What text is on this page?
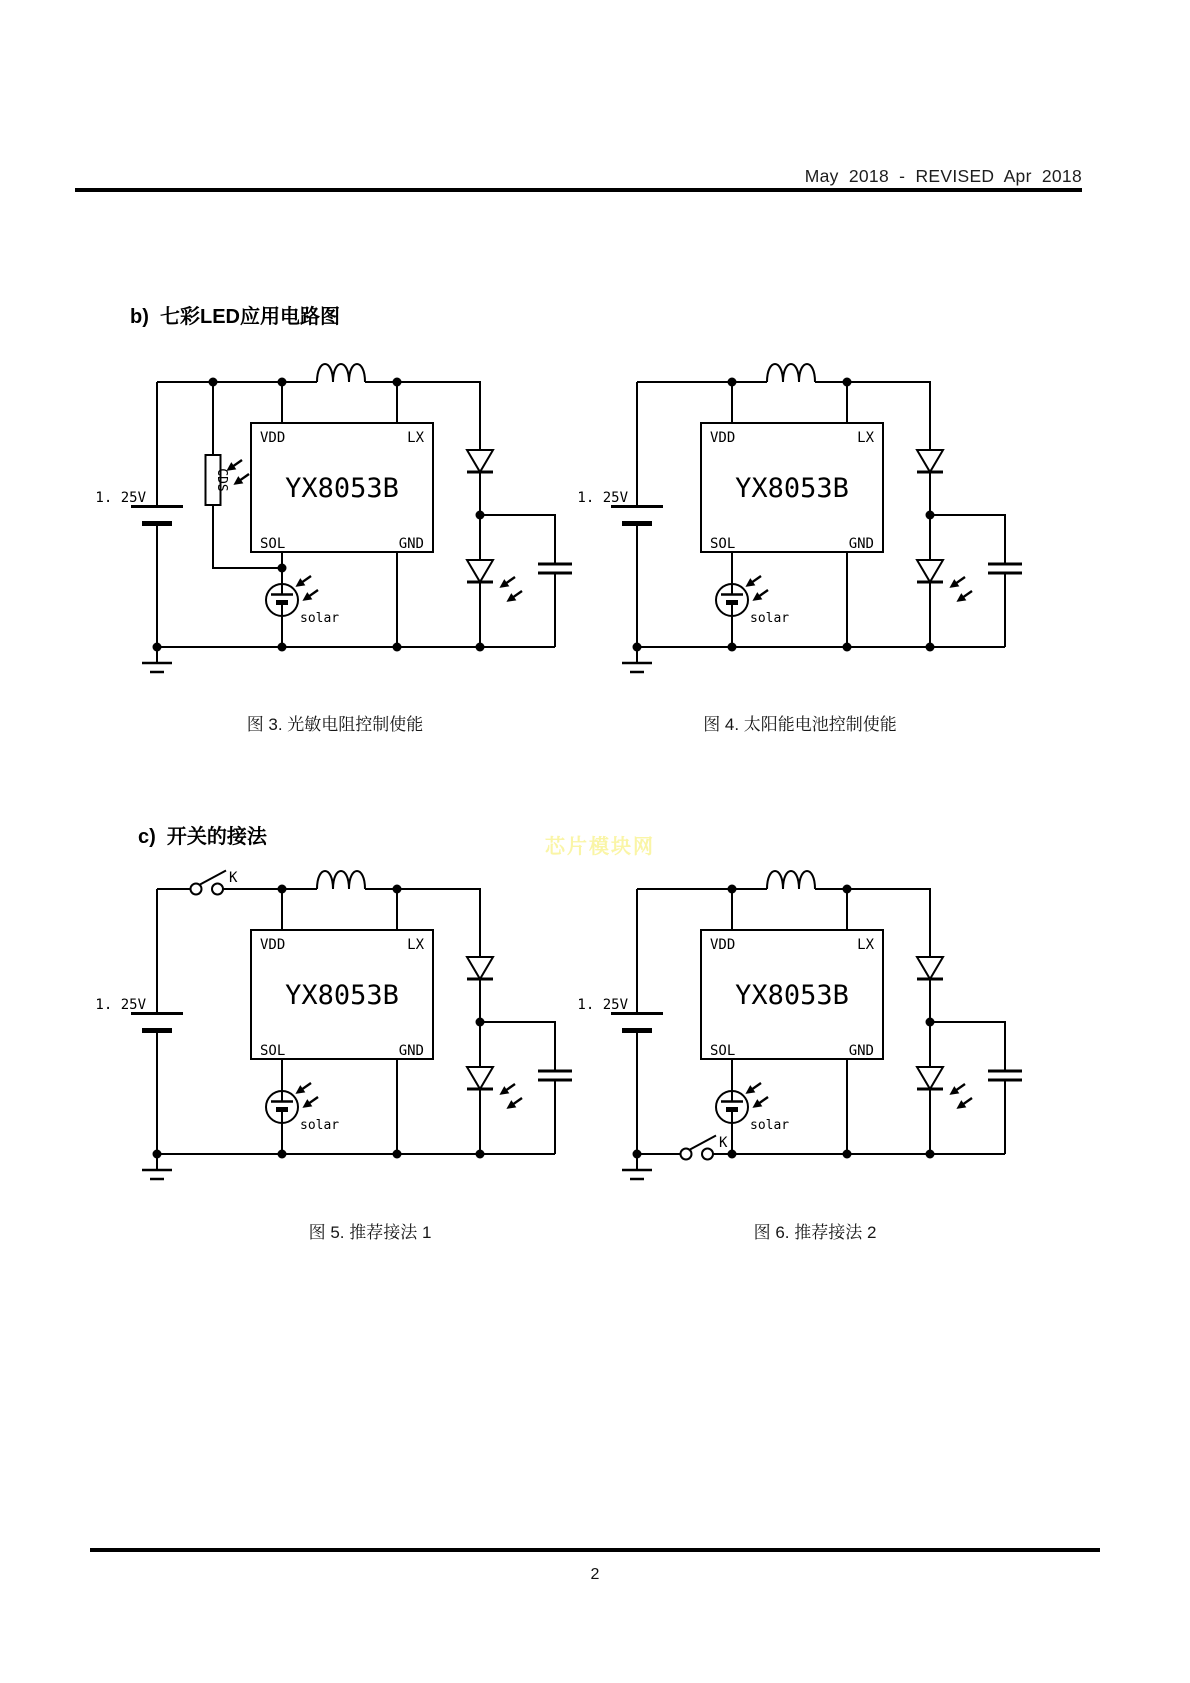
May 2018 - REVISED Apr 2018
b)  七彩LED应用电路图
1. 25V
CDS
VDD	LX
SOL	GND
YX8053B
solar
1. 25V
VDD	LX
SOL	GND
YX8053B
solar
图 3. 光敏电阻控制使能	图 4. 太阳能电池控制使能
c)  开关的接法	芯片模块网
K
1. 25V
VDD	LX
SOL	GND
YX8053B
solar
K
1. 25V
VDD	LX
SOL	GND
YX8053B
solar
图 5. 推荐接法 1	图 6. 推荐接法 2
2
